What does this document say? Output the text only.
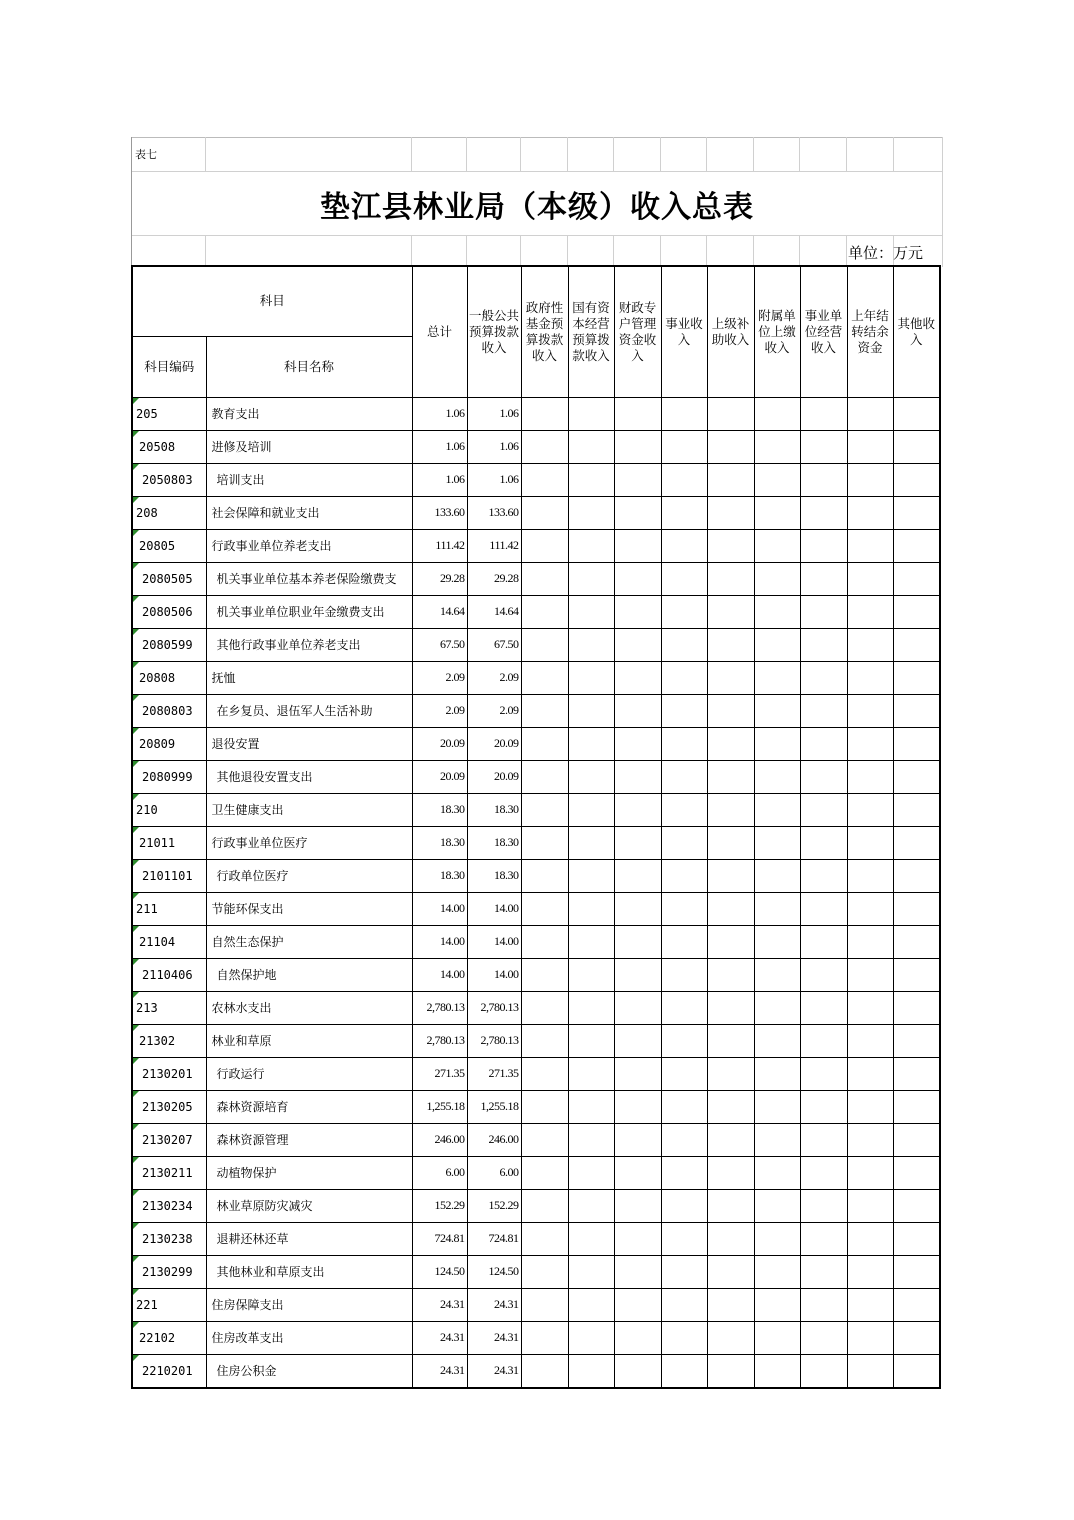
表七
垫江县林业局（本级）收入总表
单位：万元
科目		总计	一般公共预算拨款收入	政府性基金预算拨款收入	国有资本经营预算拨款收入	财政专户管理资金收入	事业收入	上级补助收入	附属单位上缴收入	事业单位经营收入	上年结转结余资金	其他收入
科目编码	科目名称											

205	教育支出	1.06	1.06									

20508	进修及培训	1.06	1.06									

2050803	培训支出	1.06	1.06									

208	社会保障和就业支出	133.60	133.60									

20805	行政事业单位养老支出	111.42	111.42									

2080505	机关事业单位基本养老保险缴费支	29.28	29.28									

2080506	机关事业单位职业年金缴费支出	14.64	14.64									

2080599	其他行政事业单位养老支出	67.50	67.50									

20808	抚恤	2.09	2.09									

2080803	在乡复员、退伍军人生活补助	2.09	2.09									

20809	退役安置	20.09	20.09									

2080999	其他退役安置支出	20.09	20.09									

210	卫生健康支出	18.30	18.30									

21011	行政事业单位医疗	18.30	18.30									

2101101	行政单位医疗	18.30	18.30									

211	节能环保支出	14.00	14.00									

21104	自然生态保护	14.00	14.00									

2110406	自然保护地	14.00	14.00									

213	农林水支出	2,780.13	2,780.13									

21302	林业和草原	2,780.13	2,780.13									

2130201	行政运行	271.35	271.35									

2130205	森林资源培育	1,255.18	1,255.18									

2130207	森林资源管理	246.00	246.00									

2130211	动植物保护	6.00	6.00									

2130234	林业草原防灾减灾	152.29	152.29									

2130238	退耕还林还草	724.81	724.81									

2130299	其他林业和草原支出	124.50	124.50									

221	住房保障支出	24.31	24.31									

22102	住房改革支出	24.31	24.31									

2210201	住房公积金	24.31	24.31									
